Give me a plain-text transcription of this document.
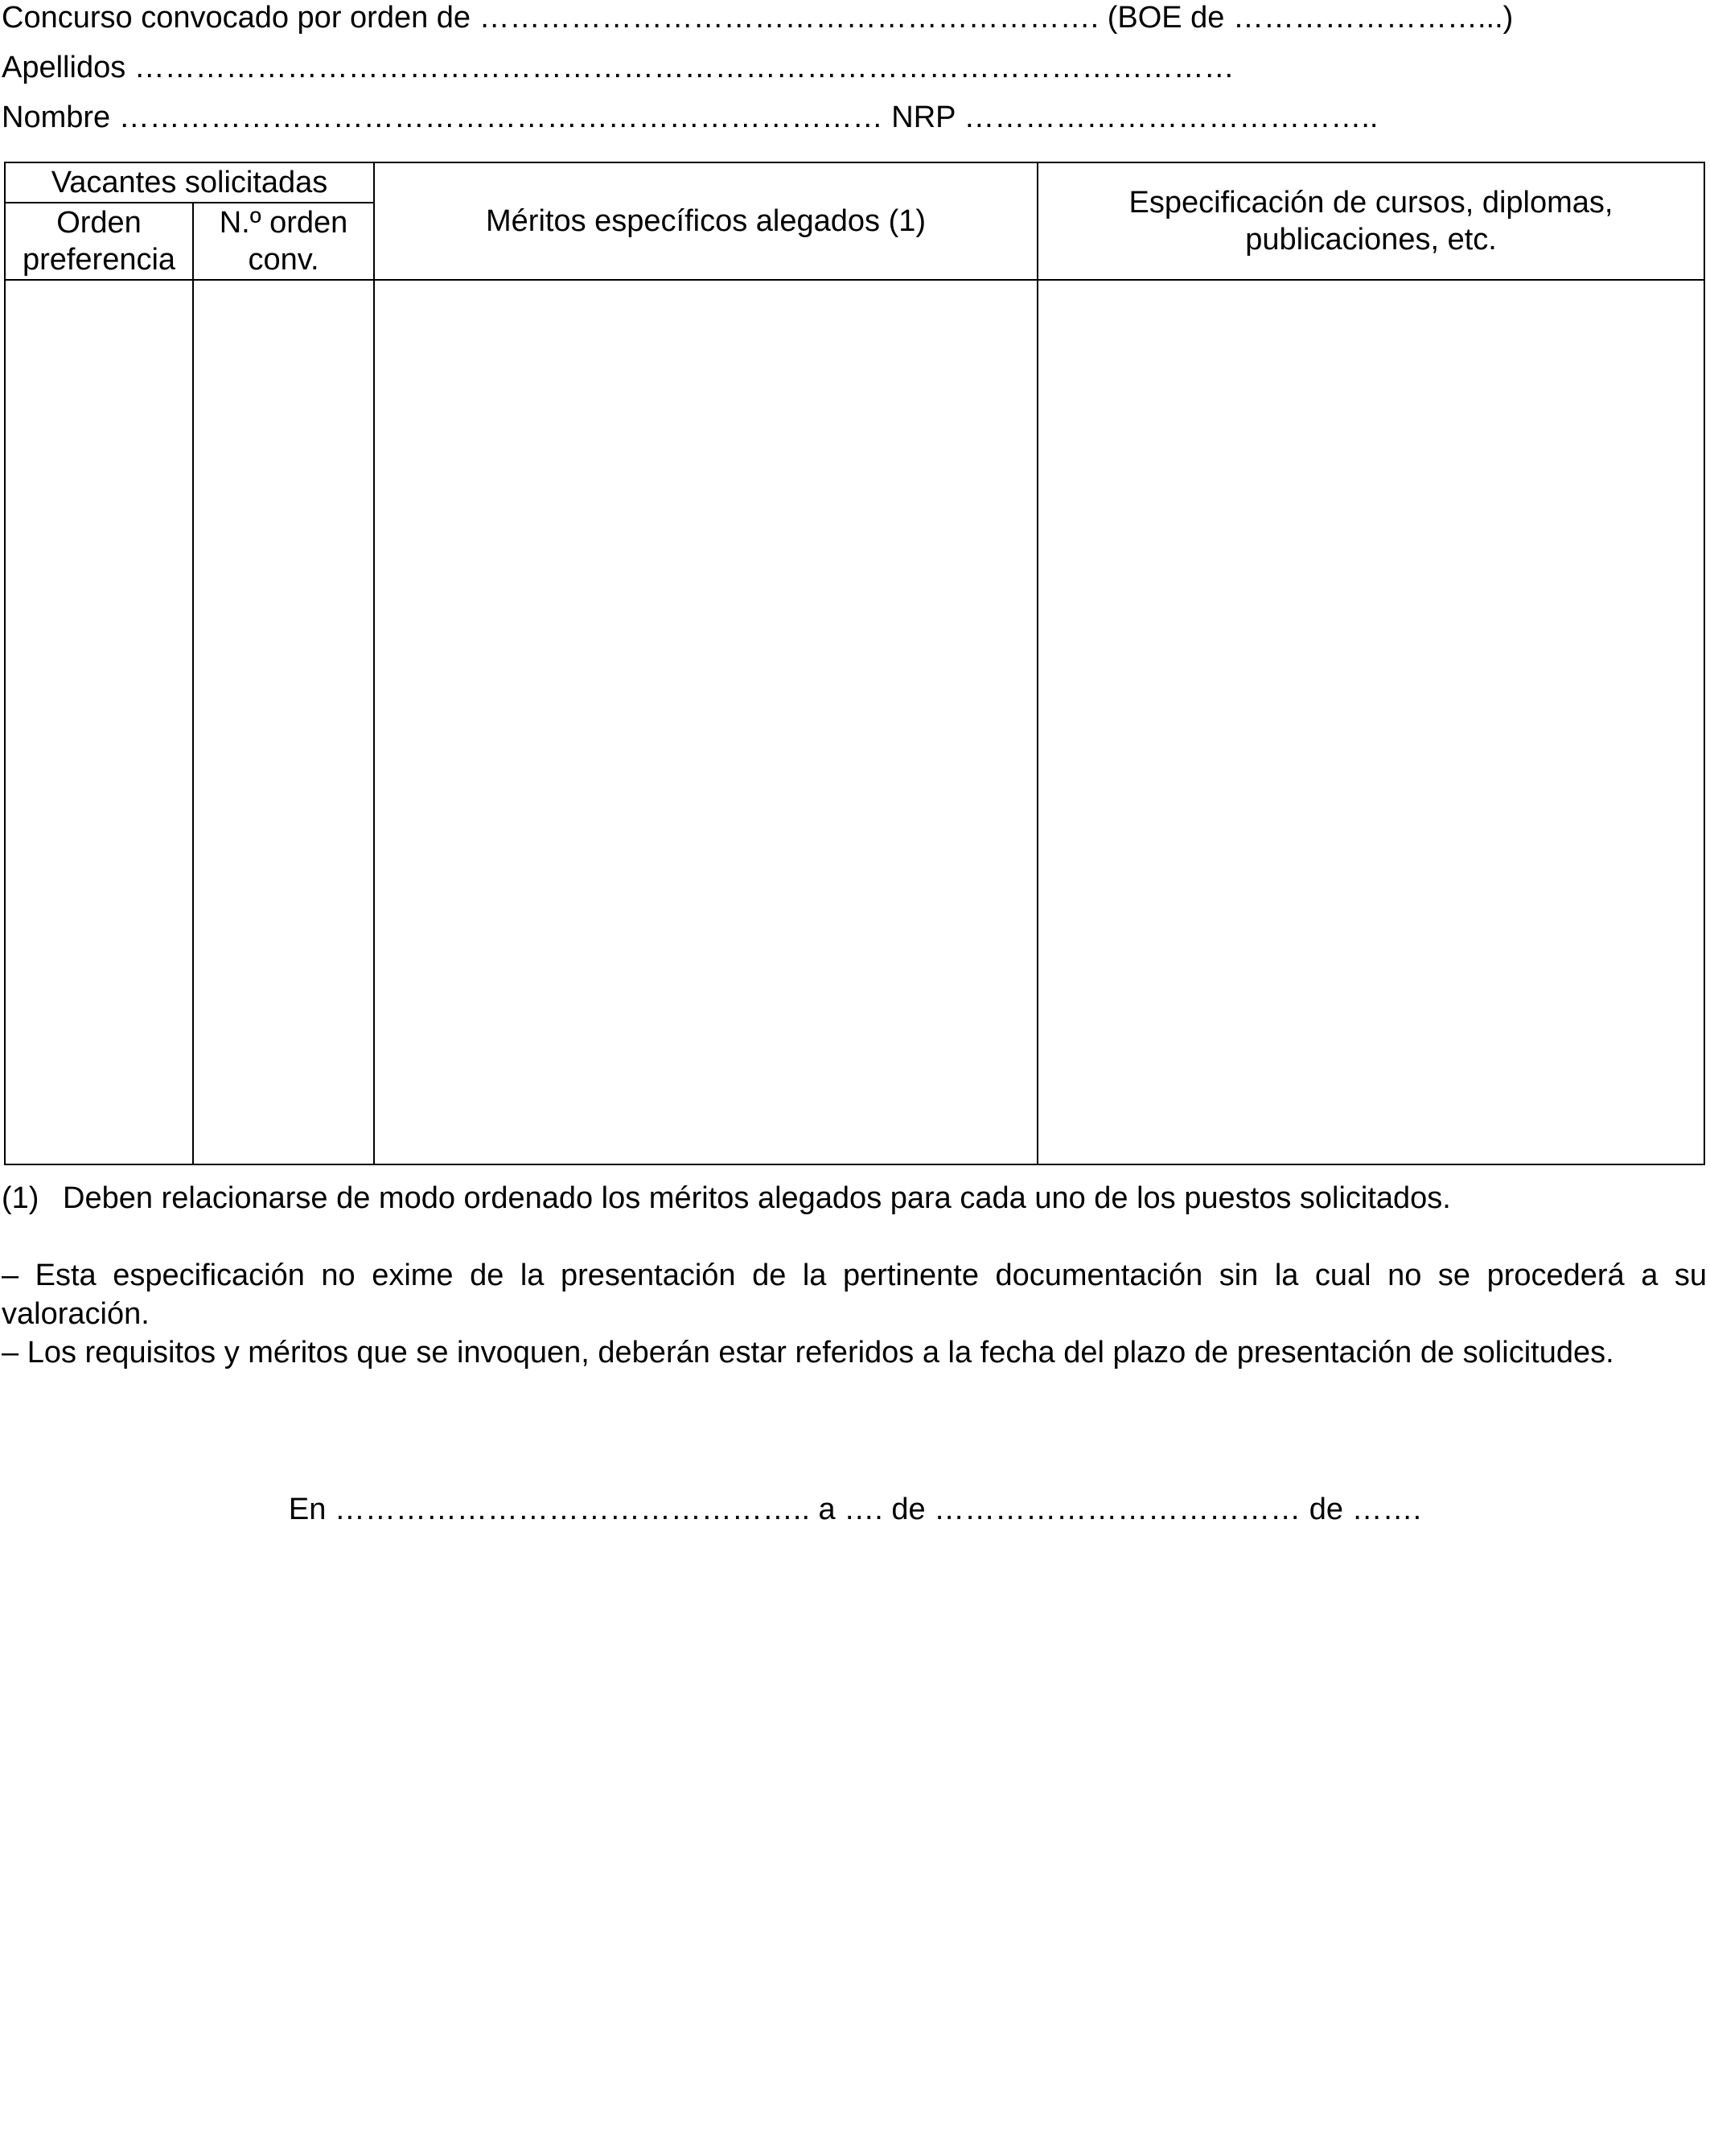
Concurso convocado por orden de ……………………………………………………. (BOE de ……………………...)
Apellidos ………………………………………………………………………………………………
Nombre ………………………………………………………………… NRP …………………………………..
Vacantes solicitadas		Méritos específicos alegados (1)	Especificación de cursos, diplomas, publicaciones, etc.
Orden preferencia	N.º orden conv.		

(1) Deben relacionarse de modo ordenado los méritos alegados para cada uno de los puestos solicitados.
– Esta especificación no exime de la presentación de la pertinente documentación sin la cual no se procederá a su valoración.
– Los requisitos y méritos que se invoquen, deberán estar referidos a la fecha del plazo de presentación de solicitudes.
En ……………………………………….. a …. de ……………………………… de …….
